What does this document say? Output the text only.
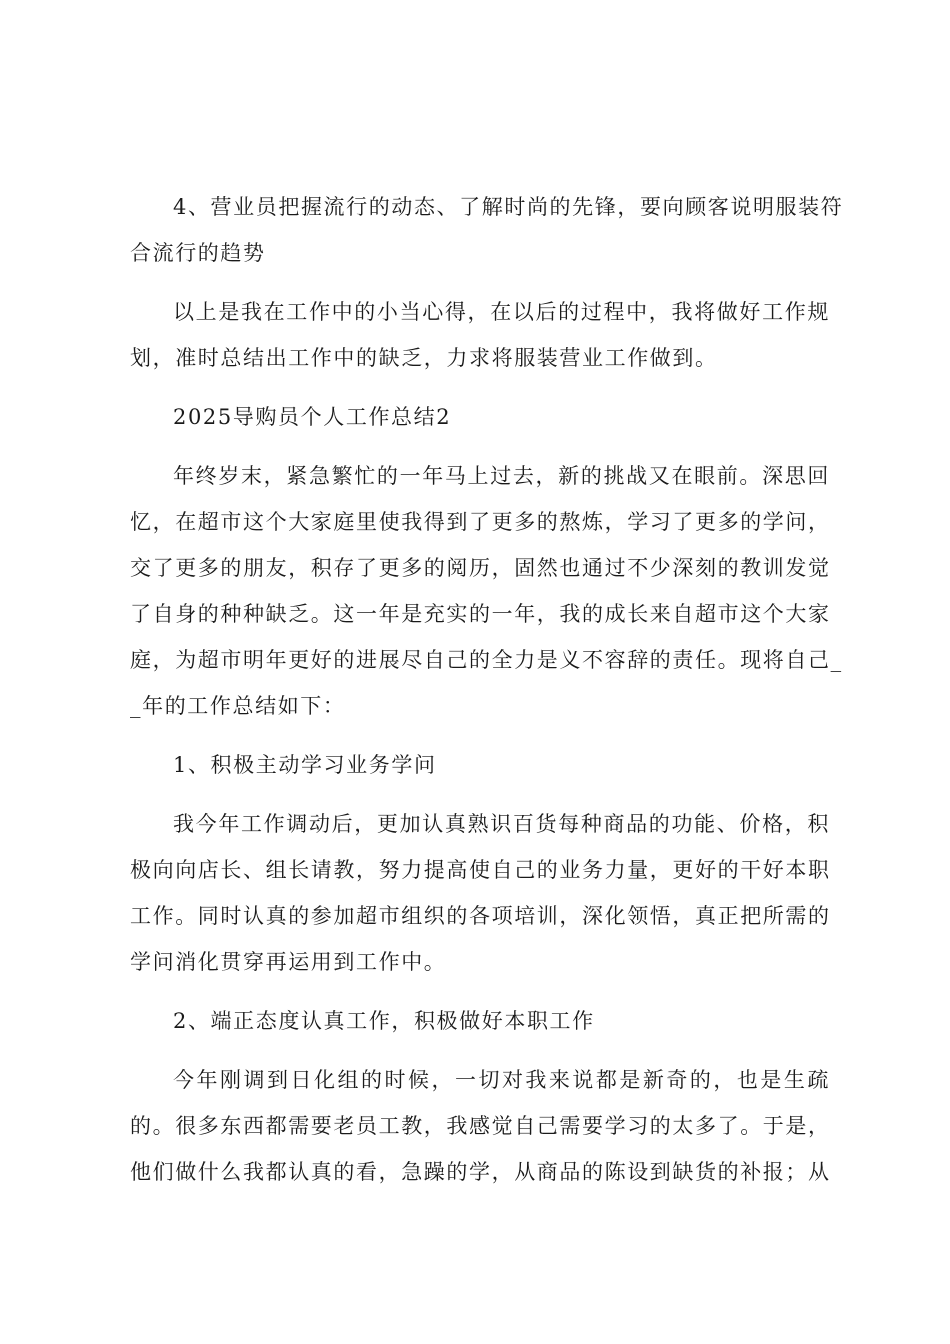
4、营业员把握流行的动态、了解时尚的先锋，要向顾客说明服装符

合流行的趋势

以上是我在工作中的小当心得，在以后的过程中，我将做好工作规

划，准时总结出工作中的缺乏，力求将服装营业工作做到。

2025导购员个人工作总结2

年终岁末，紧急繁忙的一年马上过去，新的挑战又在眼前。深思回

忆，在超市这个大家庭里使我得到了更多的熬炼，学习了更多的学问，

交了更多的朋友，积存了更多的阅历，固然也通过不少深刻的教训发觉

了自身的种种缺乏。这一年是充实的一年，我的成长来自超市这个大家

庭，为超市明年更好的进展尽自己的全力是义不容辞的责任。现将自己_

_年的工作总结如下：

1、积极主动学习业务学问

我今年工作调动后，更加认真熟识百货每种商品的功能、价格，积

极向向店长、组长请教，努力提高使自己的业务力量，更好的干好本职

工作。同时认真的参加超市组织的各项培训，深化领悟，真正把所需的

学问消化贯穿再运用到工作中。

2、端正态度认真工作，积极做好本职工作

今年刚调到日化组的时候，一切对我来说都是新奇的，也是生疏

的。很多东西都需要老员工教，我感觉自己需要学习的太多了。于是，

他们做什么我都认真的看，急躁的学，从商品的陈设到缺货的补报；从
